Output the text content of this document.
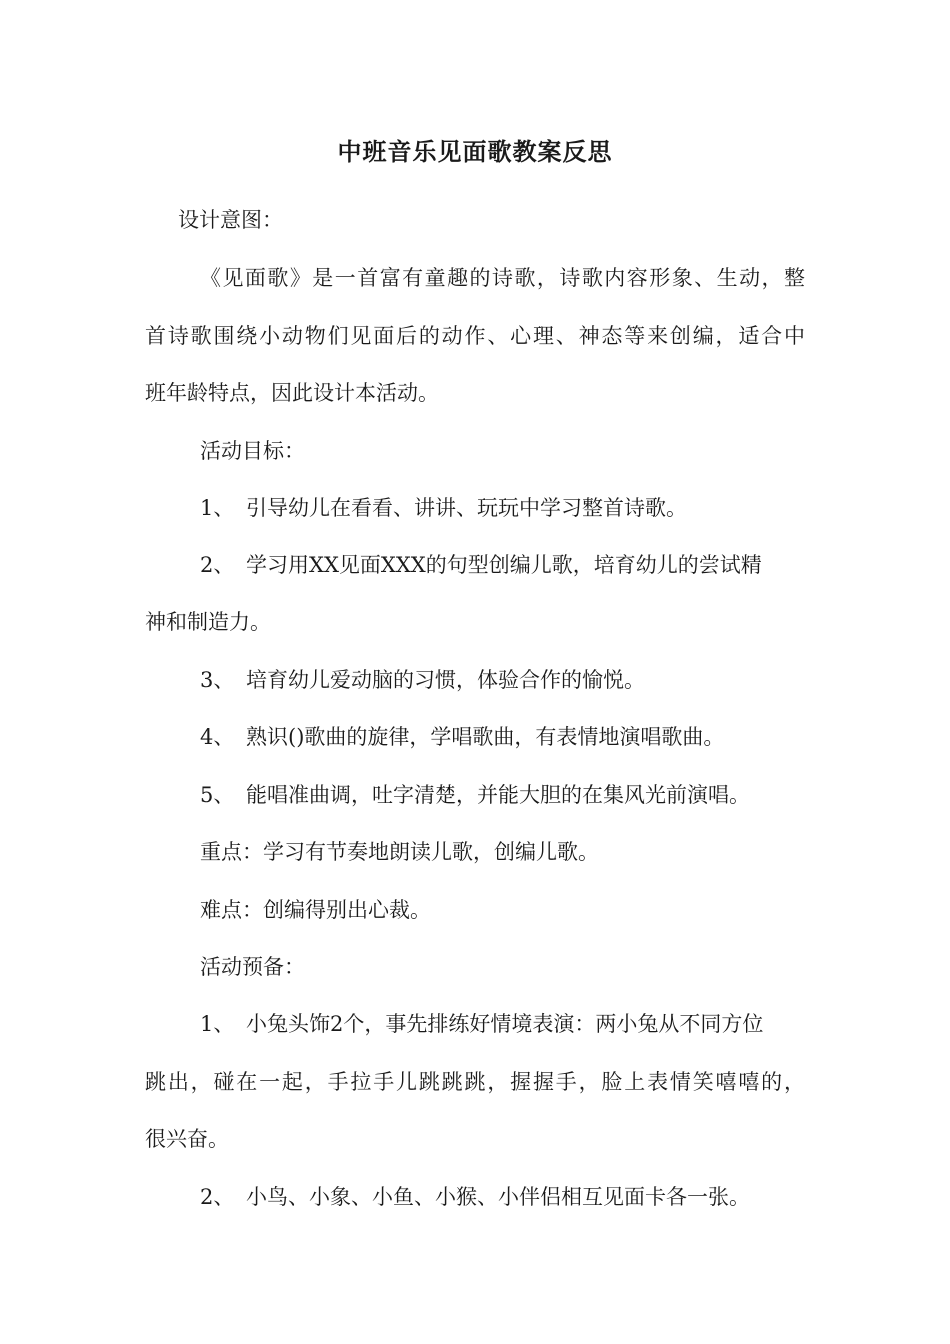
中班音乐见面歌教案反思
设计意图：
《见面歌》是一首富有童趣的诗歌，诗歌内容形象、生动，整
首诗歌围绕小动物们见面后的动作、心理、神态等来创编，适合中
班年龄特点，因此设计本活动。
活动目标：
1、 引导幼儿在看看、讲讲、玩玩中学习整首诗歌。
2、 学习用XX见面XXX的句型创编儿歌，培育幼儿的尝试精
神和制造力。
3、 培育幼儿爱动脑的习惯，体验合作的愉悦。
4、 熟识()歌曲的旋律，学唱歌曲，有表情地演唱歌曲。
5、 能唱准曲调，吐字清楚，并能大胆的在集风光前演唱。
重点：学习有节奏地朗读儿歌，创编儿歌。
难点：创编得别出心裁。
活动预备：
1、 小兔头饰2个，事先排练好情境表演：两小兔从不同方位
跳出，碰在一起，手拉手儿跳跳跳，握握手，脸上表情笑嘻嘻的，
很兴奋。
2、 小鸟、小象、小鱼、小猴、小伴侣相互见面卡各一张。
